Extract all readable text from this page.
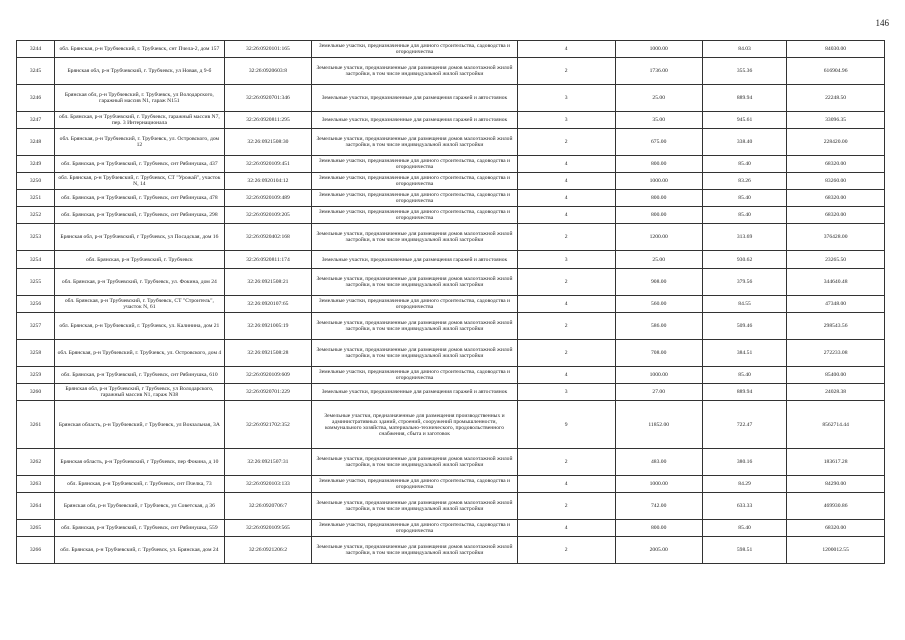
146
3244	обл. Брянская, р-н Трубчевский, г. Трубчевск, снт Пчела-2, дом 157	32:26:0920101:165	Земельные участки, предназначенные для дачного строительства, садоводства и огородничества	4	1000.00	84.03	84030.00
3245	Брянская обл, р-н Трубчевский, г. Трубчевск, ул Новая, д 9-б	32:26:0920603:8	Земельные участки, предназначенные для размещения домов малоэтажной жилой застройки, в том числе индивидуальной жилой застройки	2	1736.00	355.36	616904.96
3246	Брянская обл, р-н Трубчевский, г. Трубчевск, ул Володарского, гаражный массив N1, гараж N151	32:26:0920701:346	Земельные участки, предназначенные для размещения гаражей и автостоянок	3	25.00	889.94	22248.50
3247	обл. Брянская, р-н Трубчевский, г. Трубчевск, гаражный массив N7, пер. 3 Интернационала	32:26:0920811:295	Земельные участки, предназначенные для размещения гаражей и автостоянок	3	35.00	945.61	33096.35
3248	обл. Брянская, р-н Трубчевский, г. Трубчевск, ул. Островского, дом 12	32:26:0921508:30	Земельные участки, предназначенные для размещения домов малоэтажной жилой застройки, в том числе индивидуальной жилой застройки	2	675.00	338.40	228420.00
3249	обл. Брянская, р-н Трубчевский, г. Трубчевск, снт Рябинушка, 437	32:26:0920109:451	Земельные участки, предназначенные для дачного строительства, садоводства и огородничества	4	800.00	85.40	68320.00
3250	обл. Брянская, р-н Трубчевский, г. Трубчевск, СТ "Урожай", участок N, 14	32:26:0920104:12	Земельные участки, предназначенные для дачного строительства, садоводства и огородничества	4	1000.00	83.26	83260.00
3251	обл. Брянская, р-н Трубчевский, г. Трубчевск, снт Рябинушка, 478	32:26:0920109:489	Земельные участки, предназначенные для дачного строительства, садоводства и огородничества	4	800.00	85.40	68320.00
3252	обл. Брянская, р-н Трубчевский, г. Трубчевск, снт Рябинушка, 298	32:26:0920109:205	Земельные участки, предназначенные для дачного строительства, садоводства и огородничества	4	800.00	85.40	68320.00
3253	Брянская обл, р-н Трубчевский, г Трубчевск, ул Посадская, дом 16	32:26:0920402:168	Земельные участки, предназначенные для размещения домов малоэтажной жилой застройки, в том числе индивидуальной жилой застройки	2	1200.00	313.69	376428.00
3254	обл. Брянская, р-н Трубчевский, г. Трубчевск	32:26:0920811:174	Земельные участки, предназначенные для размещения гаражей и автостоянок	3	25.00	930.62	23265.50
3255	обл. Брянская, р-н Трубчевский, г. Трубчевск, ул. Фокина, дом 24	32:26:0921508:21	Земельные участки, предназначенные для размещения домов малоэтажной жилой застройки, в том числе индивидуальной жилой застройки	2	908.00	379.56	344640.48
3256	обл. Брянская, р-н Трубчевский, г. Трубчевск, СТ "Строитель", участок N, 61	32:26:0920107:65	Земельные участки, предназначенные для дачного строительства, садоводства и огородничества	4	560.00	84.55	47348.00
3257	обл. Брянская, р-н Трубчевский, г. Трубчевск, ул. Калинина, дом 21	32:26:0921005:19	Земельные участки, предназначенные для размещения домов малоэтажной жилой застройки, в том числе индивидуальной жилой застройки	2	586.00	509.46	298543.56
3258	обл. Брянская, р-н Трубчевский, г. Трубчевск, ул. Островского, дом 4	32:26:0921508:28	Земельные участки, предназначенные для размещения домов малоэтажной жилой застройки, в том числе индивидуальной жилой застройки	2	708.00	384.51	272233.08
3259	обл. Брянская, р-н Трубчевский, г. Трубчевск, снт Рябинушка, 610	32:26:0920109:609	Земельные участки, предназначенные для дачного строительства, садоводства и огородничества	4	1000.00	85.40	85400.00
3260	Брянская обл, р-н Трубчевский, г Трубчевск, ул Володарского, гаражный массив N1, гараж N38	32:26:0920701:229	Земельные участки, предназначенные для размещения гаражей и автостоянок	3	27.00	889.94	24028.38
3261	Брянская область, р-н Трубчевский, г Трубчевск, ул Вокзальная, 3А	32:26:0921702:352	Земельные участки, предназначенные для размещения производственных и административных зданий, строений, сооружений промышленности, коммунального хозяйства, материально-технического, продовольственного снабжения, сбыта и заготовок	9	11852.00	722.47	8562714.44
3262	Брянская область, р-н Трубчевский, г Трубчевск, пер Фокина, д 10	32:26:0921507:31	Земельные участки, предназначенные для размещения домов малоэтажной жилой застройки, в том числе индивидуальной жилой застройки	2	483.00	380.16	183617.28
3263	обл. Брянская, р-н Трубчевский, г. Трубчевск, снт Пчелка, 73	32:26:0920103:133	Земельные участки, предназначенные для дачного строительства, садоводства и огородничества	4	1000.00	84.29	84290.00
3264	Брянская обл, р-н Трубчевский, г Трубчевск, ул Советская, д 36	32:26:0920706:7	Земельные участки, предназначенные для размещения домов малоэтажной жилой застройки, в том числе индивидуальной жилой застройки	2	742.00	633.33	469930.86
3265	обл. Брянская, р-н Трубчевский, г. Трубчевск, снт Рябинушка, 559	32:26:0920109:565	Земельные участки, предназначенные для дачного строительства, садоводства и огородничества	4	800.00	85.40	68320.00
3266	обл. Брянская, р-н Трубчевский, г. Трубчевск, ул. Брянская, дом 24	32:26:0921206:2	Земельные участки, предназначенные для размещения домов малоэтажной жилой застройки, в том числе индивидуальной жилой застройки	2	2005.00	598.51	1200012.55
